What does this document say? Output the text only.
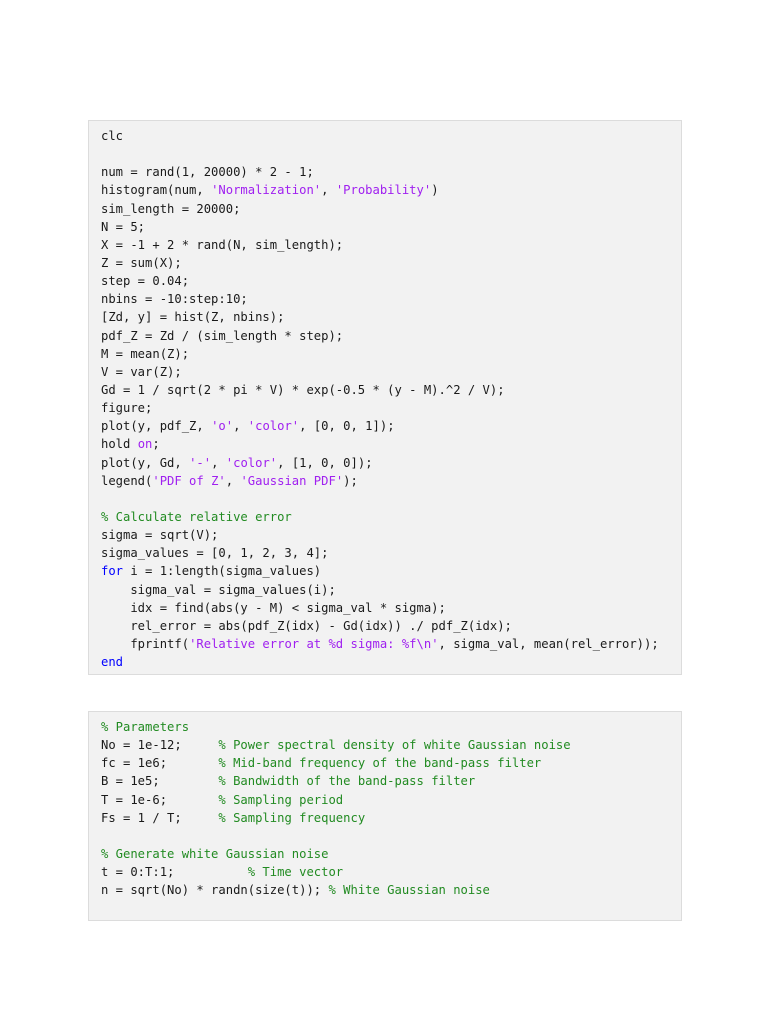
clc

num = rand(1, 20000) * 2 - 1;
histogram(num, 'Normalization', 'Probability')
sim_length = 20000;
N = 5;
X = -1 + 2 * rand(N, sim_length);
Z = sum(X);
step = 0.04;
nbins = -10:step:10;
[Zd, y] = hist(Z, nbins);
pdf_Z = Zd / (sim_length * step);
M = mean(Z);
V = var(Z);
Gd = 1 / sqrt(2 * pi * V) * exp(-0.5 * (y - M).^2 / V);
figure;
plot(y, pdf_Z, 'o', 'color', [0, 0, 1]);
hold on;
plot(y, Gd, '-', 'color', [1, 0, 0]);
legend('PDF of Z', 'Gaussian PDF');

% Calculate relative error
sigma = sqrt(V);
sigma_values = [0, 1, 2, 3, 4];
for i = 1:length(sigma_values)
sigma_val = sigma_values(i);
idx = find(abs(y - M) < sigma_val * sigma);
rel_error = abs(pdf_Z(idx) - Gd(idx)) ./ pdf_Z(idx);
fprintf('Relative error at %d sigma: %f\n', sigma_val, mean(rel_error));
end
% Parameters
No = 1e-12;     % Power spectral density of white Gaussian noise
fc = 1e6;       % Mid-band frequency of the band-pass filter
B = 1e5;        % Bandwidth of the band-pass filter
T = 1e-6;       % Sampling period
Fs = 1 / T;     % Sampling frequency

% Generate white Gaussian noise
t = 0:T:1;          % Time vector
n = sqrt(No) * randn(size(t)); % White Gaussian noise
